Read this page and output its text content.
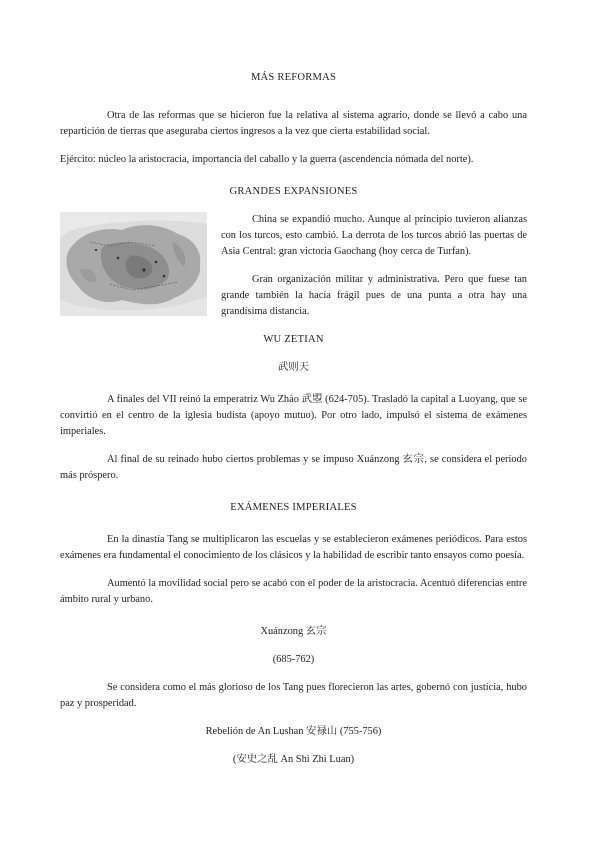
MÁS REFORMAS

Otra de las reformas que se hicieron fue la relativa al sistema agrario, donde se llevó a cabo una repartición de tierras que aseguraba ciertos ingresos a la vez que cierta estabilidad social.

Ejército: núcleo la aristocracia, importancia del caballo y la guerra (ascendencia nómada del norte).

GRANDES EXPANSIONES

China se expandió mucho. Aunque al principio tuvieron alianzas con los turcos, esto cambió. La derrota de los turcos abrió las puertas de Asia Central: gran victoria Gaochang (hoy cerca de Turfan).

Gran organización militar y administrativa. Pero que fuese tan grande también la hacía frágil pues de una punta a otra hay una grandísima distancia.

WU ZETIAN

武则天

A finales del VII reinó la emperatriz Wu Zhào 武曌 (624-705). Trasladó la capital a Luoyang, que se convirtió en el centro de la iglesia budista (apoyo mutuo). Por otro lado, impulsó el sistema de exámenes imperiales.

Al final de su reinado hubo ciertos problemas y se impuso Xuánzong 玄宗, se considera el período más próspero.

EXÁMENES IMPERIALES

En la dinastía Tang se multiplicaron las escuelas y se establecieron exámenes periódicos. Para estos exámenes era fundamental el conocimiento de los clásicos y la habilidad de escribir tanto ensayos como poesía.

Aumentó la movilidad social pero se acabó con el poder de la aristocracia. Acentuó diferencias entre ámbito rural y urbano.

Xuánzong 玄宗

(685-762)

Se considera como el más glorioso de los Tang pues florecieron las artes, gobernó con justicia, hubo paz y prosperidad.

Rebelión de An Lushan 安禄山 (755-756)

(安史之乱 An Shi Zhi Luan)
